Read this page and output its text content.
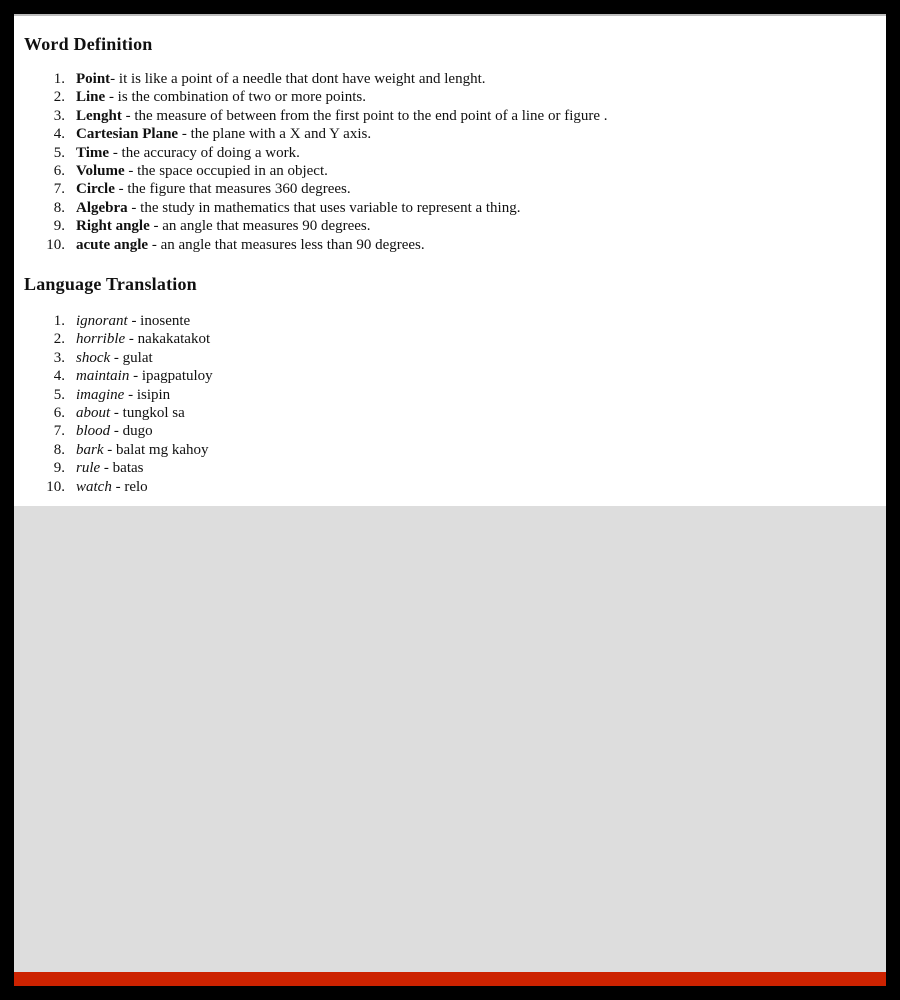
Word Definition
1. Point- it is like a point of a needle that dont have weight and lenght.
2. Line - is the combination of two or more points.
3. Lenght - the measure of between from the first point to the end point of a line or figure .
4. Cartesian Plane - the plane with a X and Y axis.
5. Time - the accuracy of doing a work.
6. Volume - the space occupied in an object.
7. Circle - the figure that measures 360 degrees.
8. Algebra - the study in mathematics that uses variable to represent a thing.
9. Right angle - an angle that measures 90 degrees.
10. acute angle - an angle that measures less than 90 degrees.
Language Translation
1. ignorant - inosente
2. horrible - nakakatakot
3. shock - gulat
4. maintain - ipagpatuloy
5. imagine - isipin
6. about - tungkol sa
7. blood - dugo
8. bark - balat mg kahoy
9. rule - batas
10. watch - relo
